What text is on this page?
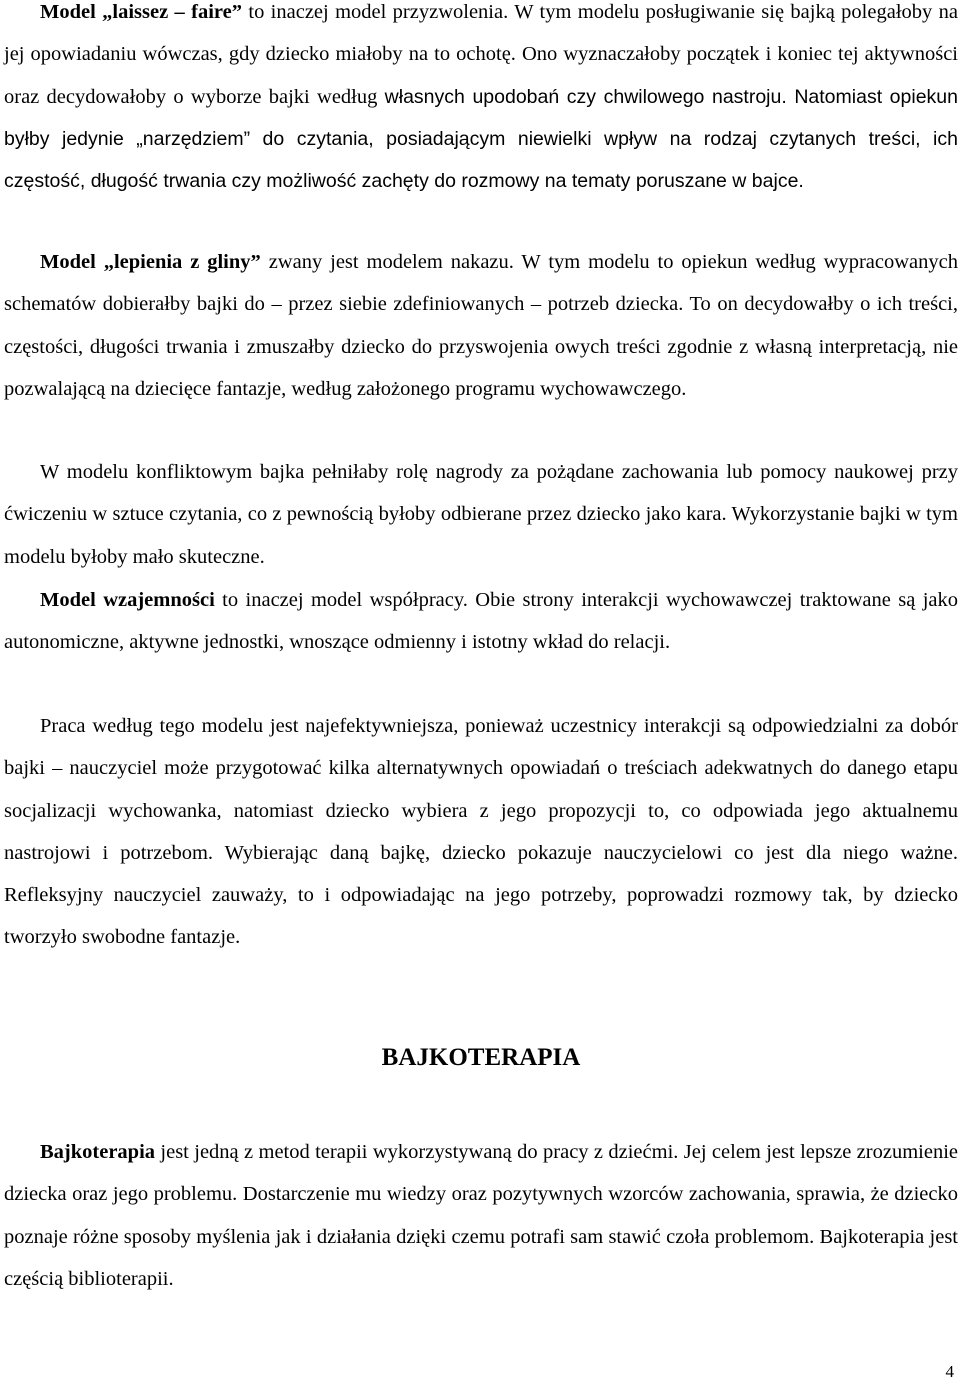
Model „laissez – faire” to inaczej model przyzwolenia. W tym modelu posługiwanie się bajką polegałoby na jej opowiadaniu wówczas, gdy dziecko miałoby na to ochotę. Ono wyznaczałoby początek i koniec tej aktywności oraz decydowałoby o wyborze bajki według własnych upodobań czy chwilowego nastroju. Natomiast opiekun byłby jedynie „narzędziem” do czytania, posiadającym niewielki wpływ na rodzaj czytanych treści, ich częstość, długość trwania czy możliwość zachęty do rozmowy na tematy poruszane w bajce.

Model „lepienia z gliny” zwany jest modelem nakazu. W tym modelu to opiekun według wypracowanych schematów dobierałby bajki do – przez siebie zdefiniowanych – potrzeb dziecka. To on decydowałby o ich treści, częstości, długości trwania i zmuszałby dziecko do przyswojenia owych treści zgodnie z własną interpretacją, nie pozwalającą na dziecięce fantazje, według założonego programu wychowawczego.

W modelu konfliktowym bajka pełniłaby rolę nagrody za pożądane zachowania lub pomocy naukowej przy ćwiczeniu w sztuce czytania, co z pewnością byłoby odbierane przez dziecko jako kara. Wykorzystanie bajki w tym modelu byłoby mało skuteczne.

Model wzajemności to inaczej model współpracy. Obie strony interakcji wychowawczej traktowane są jako autonomiczne, aktywne jednostki, wnoszące odmienny i istotny wkład do relacji.

Praca według tego modelu jest najefektywniejsza, ponieważ uczestnicy interakcji są odpowiedzialni za dobór bajki – nauczyciel może przygotować kilka alternatywnych opowiadań o treściach adekwatnych do danego etapu socjalizacji wychowanka, natomiast dziecko wybiera z jego propozycji to, co odpowiada jego aktualnemu nastrojowi i potrzebom. Wybierając daną bajkę, dziecko pokazuje nauczycielowi co jest dla niego ważne. Refleksyjny nauczyciel zauważy, to i odpowiadając na jego potrzeby, poprowadzi rozmowy tak, by dziecko tworzyło swobodne fantazje.

BAJKOTERAPIA

Bajkoterapia jest jedną z metod terapii wykorzystywaną do pracy z dziećmi. Jej celem jest lepsze zrozumienie dziecka oraz jego problemu. Dostarczenie mu wiedzy oraz pozytywnych wzorców zachowania, sprawia, że dziecko poznaje różne sposoby myślenia jak i działania dzięki czemu potrafi sam stawić czoła problemom. Bajkoterapia jest częścią biblioterapii.

4
